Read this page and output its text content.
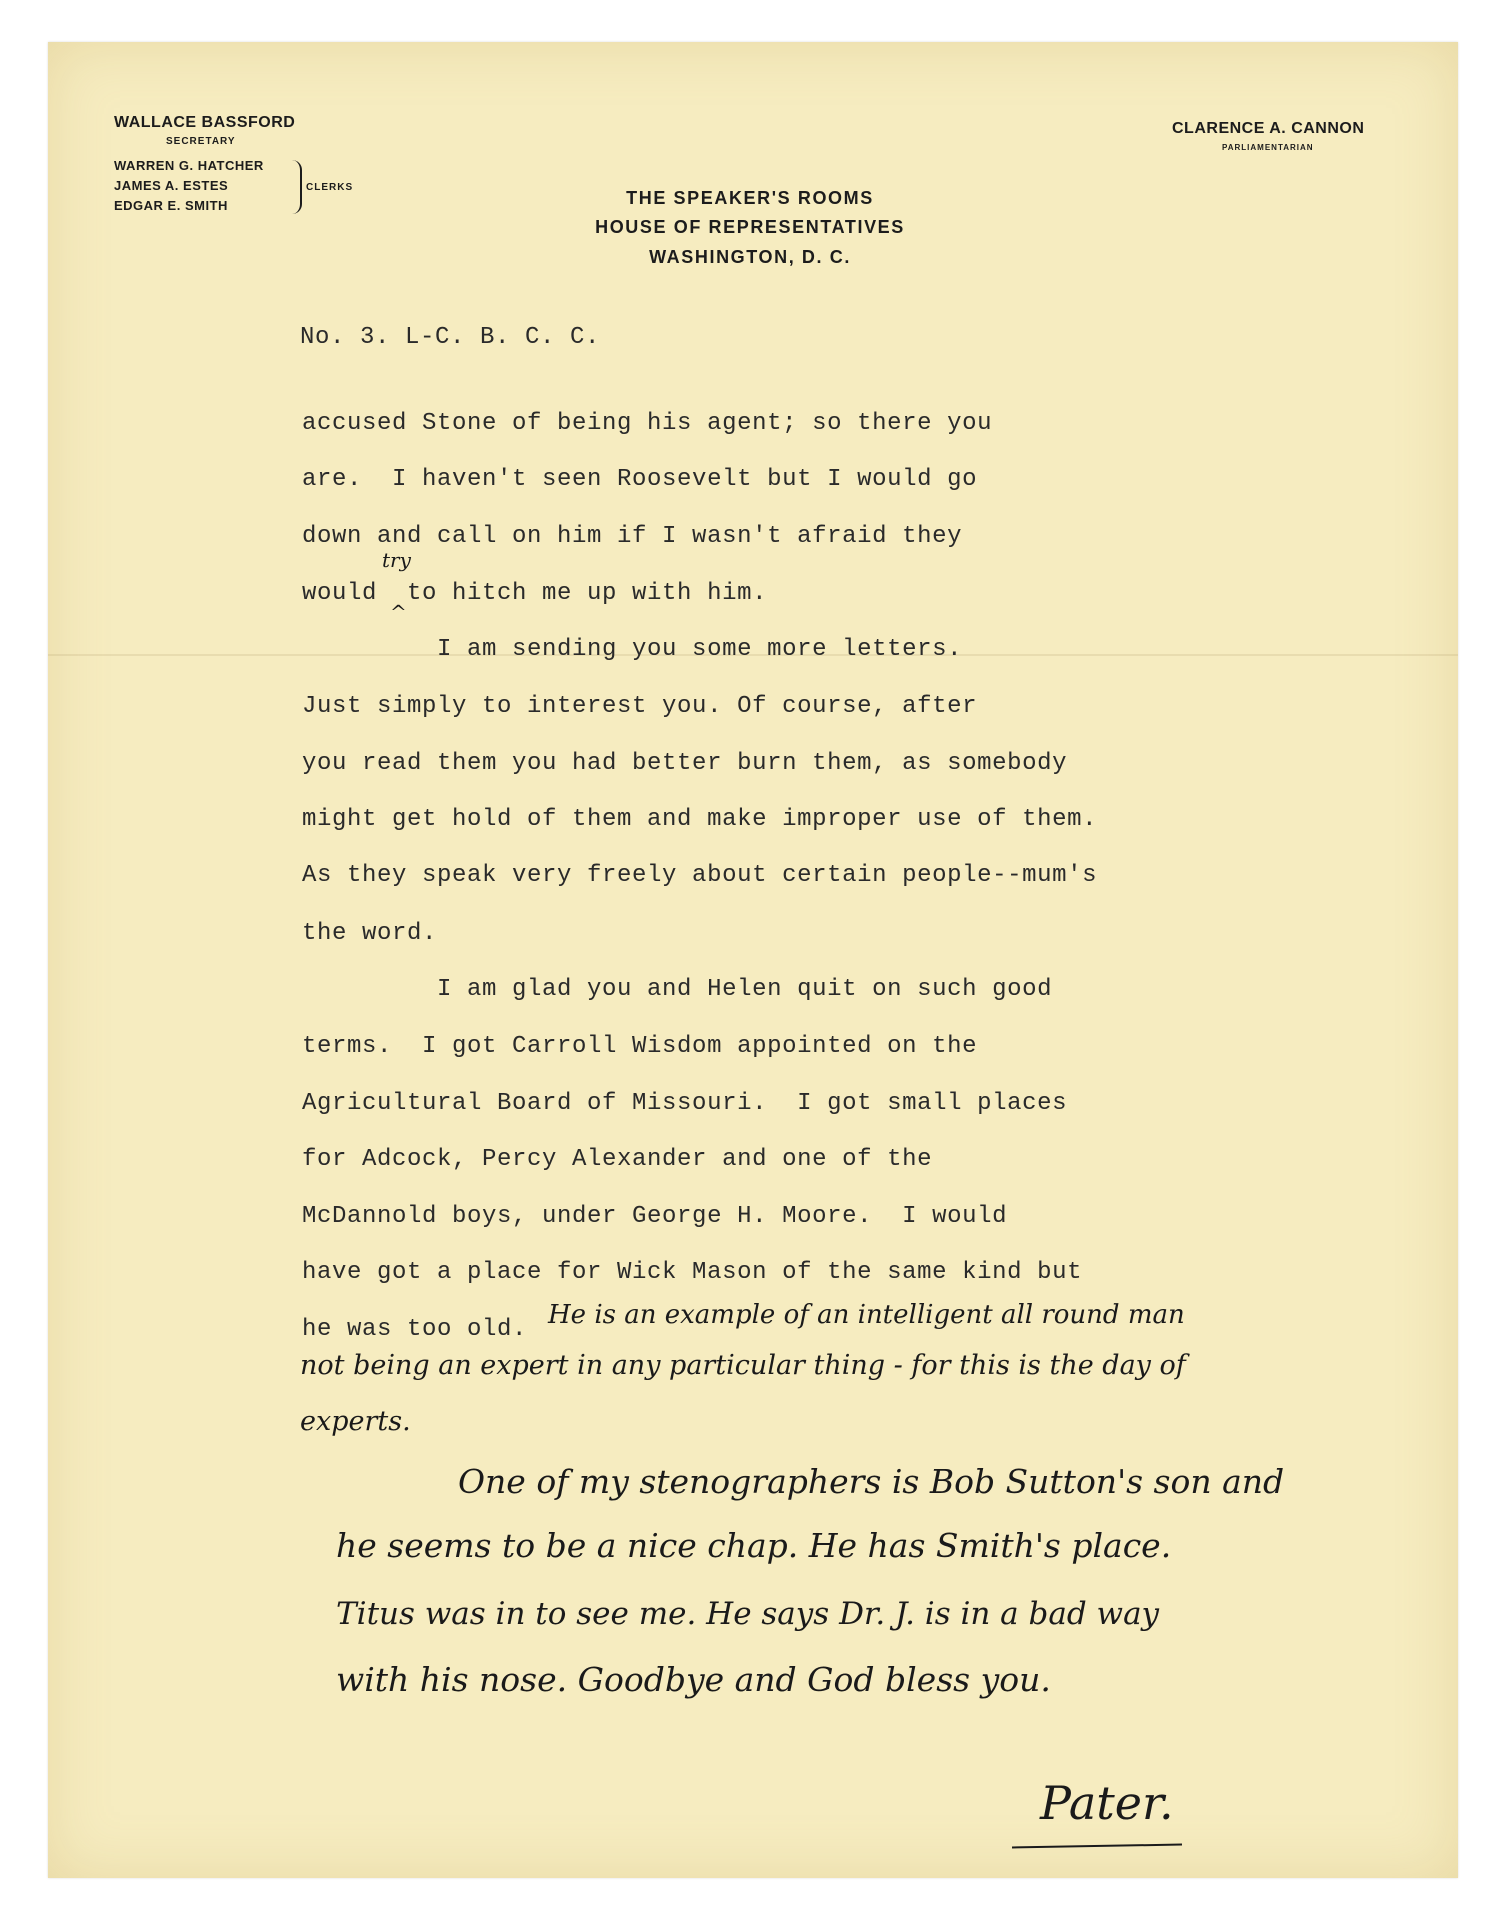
WALLACE BASSFORD
SECRETARY
WARREN G. HATCHER
JAMES A. ESTES
EDGAR E. SMITH
CLERKS
CLARENCE A. CANNON
PARLIAMENTARIAN
THE SPEAKER'S ROOMS
HOUSE OF REPRESENTATIVES
WASHINGTON, D. C.
No. 3. L-C. B. C. C.
accused Stone of being his agent; so there you
are.  I haven't seen Roosevelt but I would go
down and call on him if I wasn't afraid they
would  to hitch me up with him.
try
^
I am sending you some more letters.
Just simply to interest you. Of course, after
you read them you had better burn them, as somebody
might get hold of them and make improper use of them.
As they speak very freely about certain people--mum's
the word.
I am glad you and Helen quit on such good
terms.  I got Carroll Wisdom appointed on the
Agricultural Board of Missouri.  I got small places
for Adcock, Percy Alexander and one of the
McDannold boys, under George H. Moore.  I would
have got a place for Wick Mason of the same kind but
he was too old. He is an example of an intelligent all round man
not being an expert in any particular thing - for this is the day of
experts.
One of my stenographers is Bob Sutton's son and
he seems to be a nice chap. He has Smith's place.
Titus was in to see me. He says Dr. J. is in a bad way
with his nose. Goodbye and God bless you.
Pater.
